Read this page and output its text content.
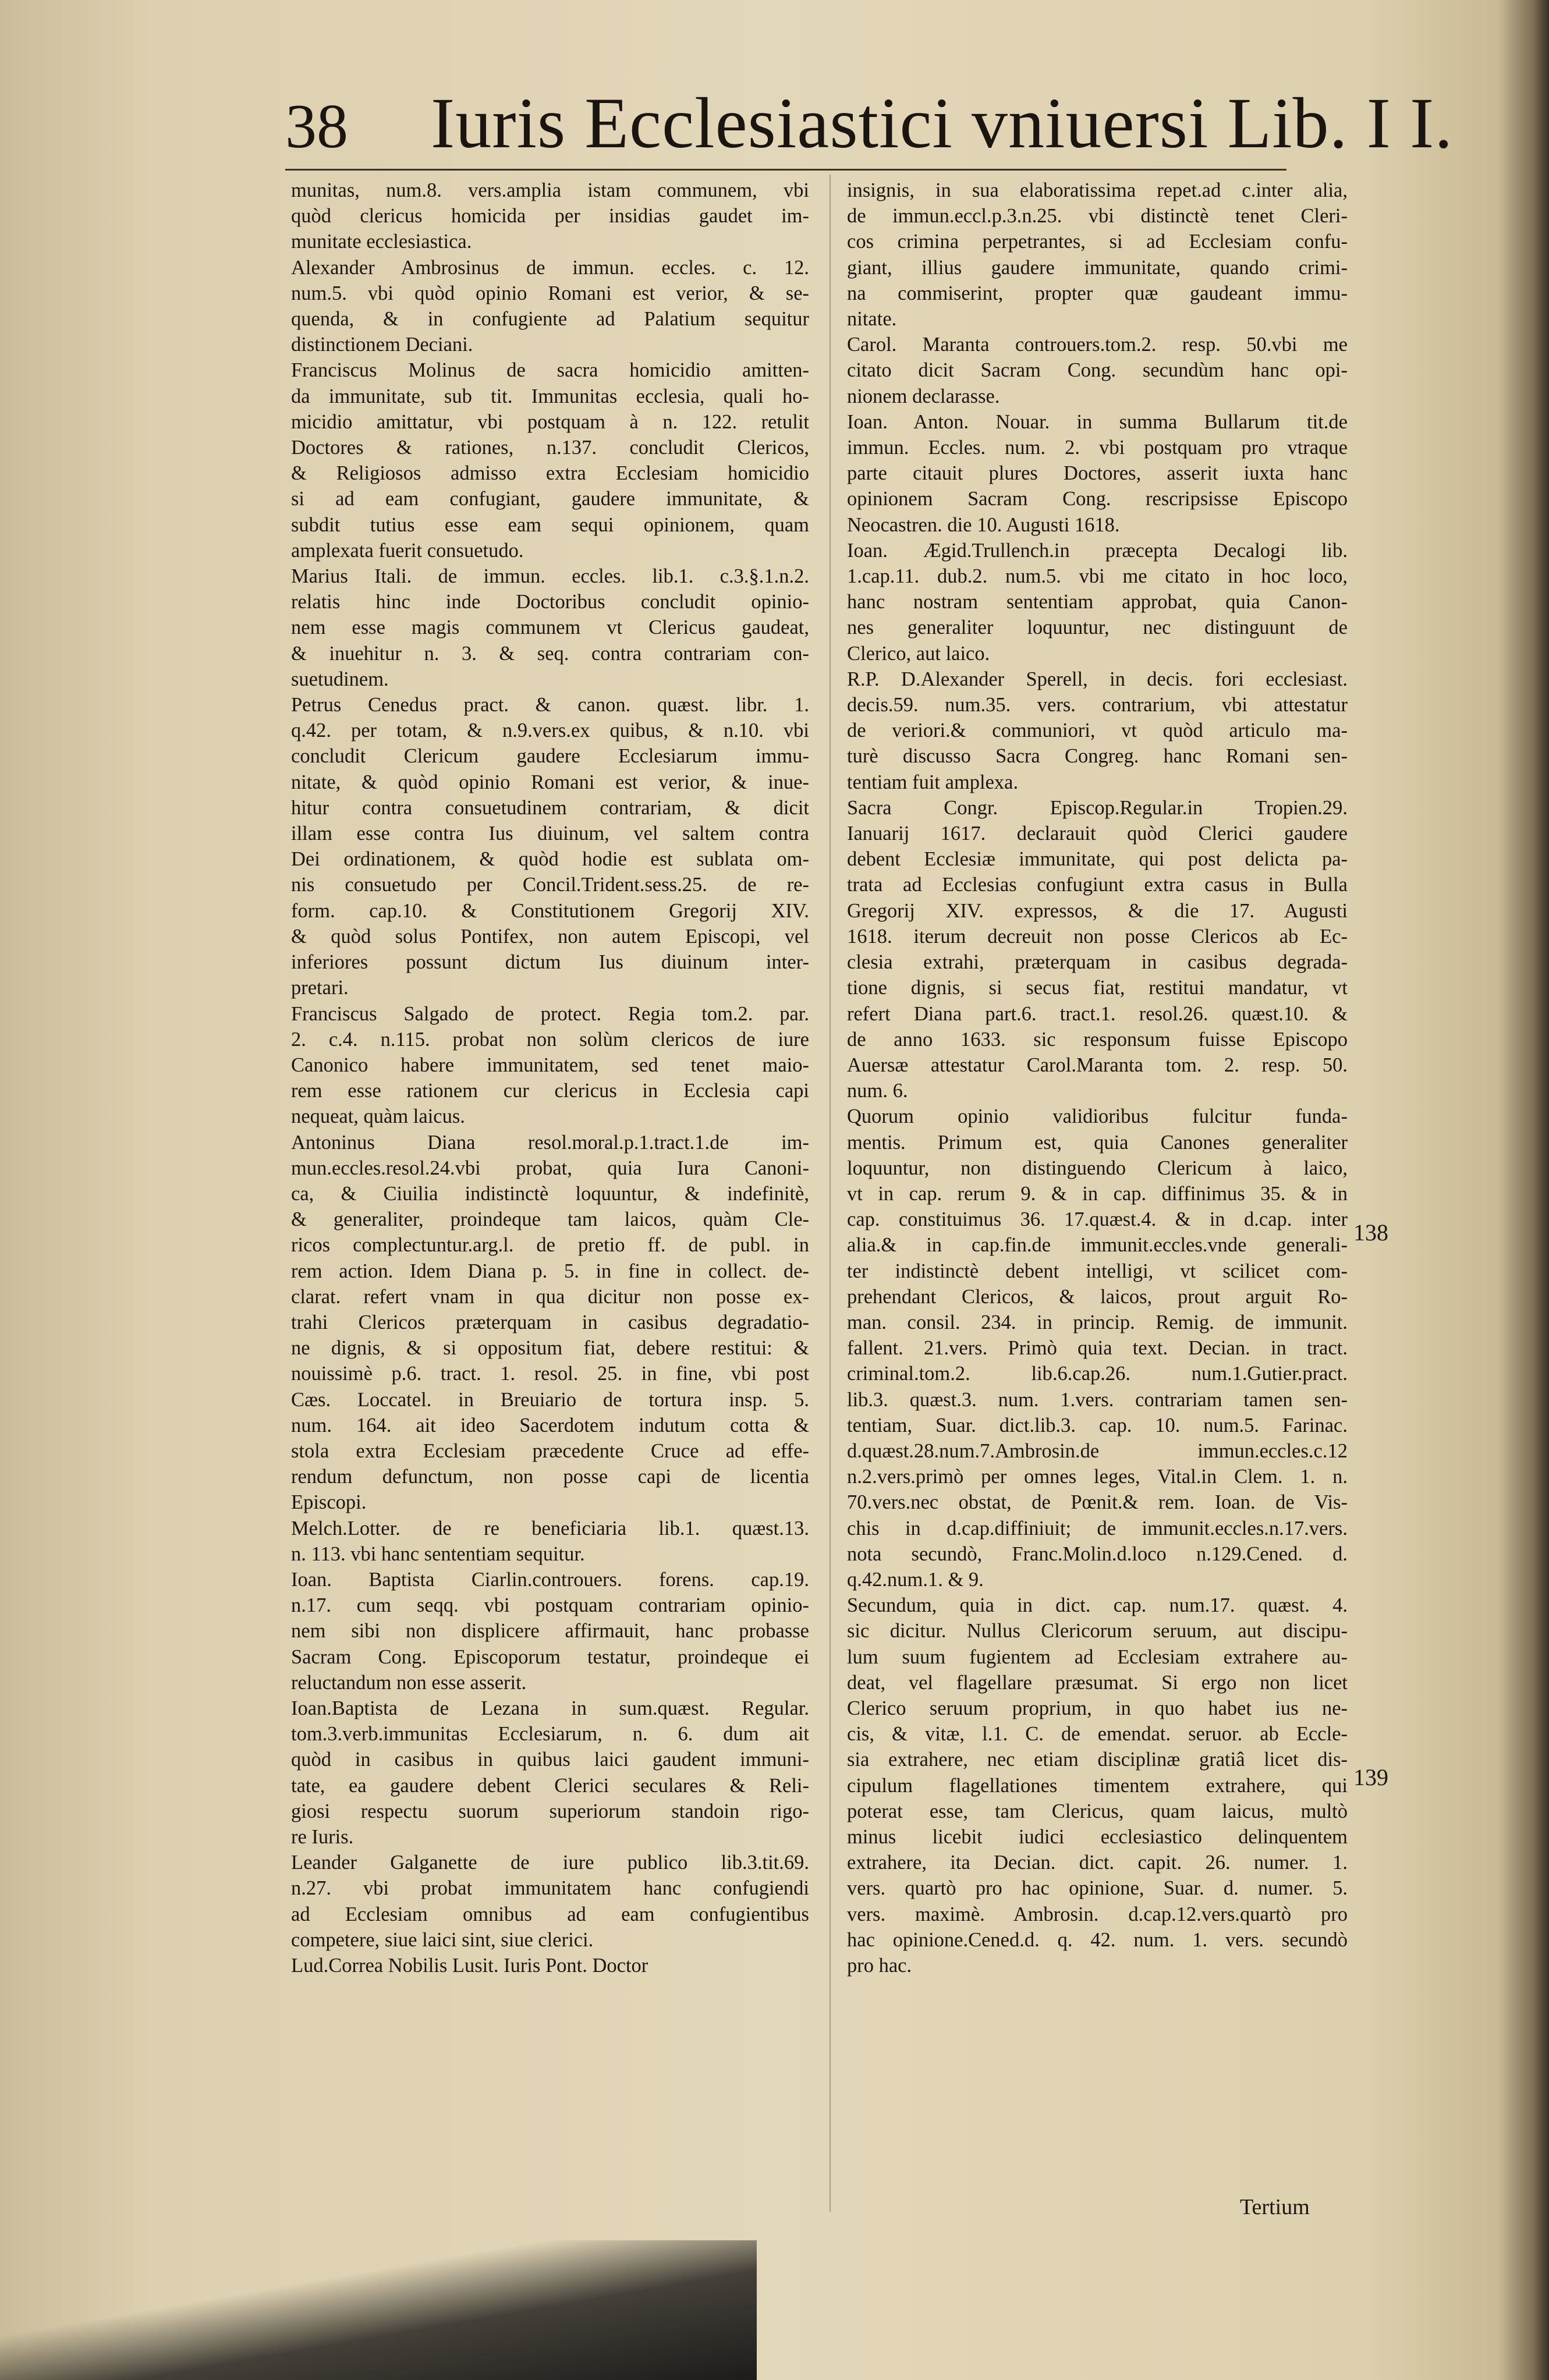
38 Iuris Ecclesiastici vniuersi Lib. I I.
munitas, num.8. vers.amplia istam communem, vbi
quòd clericus homicida per insidias gaudet im-
munitate ecclesiastica.
Alexander Ambrosinus de immun. eccles. c. 12.
num.5. vbi quòd opinio Romani est verior, & se-
quenda, & in confugiente ad Palatium sequitur
distinctionem Deciani.
Franciscus Molinus de sacra homicidio amitten-
da immunitate, sub tit. Immunitas ecclesia, quali ho-
micidio amittatur, vbi postquam à n. 122. retulit
Doctores & rationes, n.137. concludit Clericos,
& Religiosos admisso extra Ecclesiam homicidio
si ad eam confugiant, gaudere immunitate, &
subdit tutius esse eam sequi opinionem, quam
amplexata fuerit consuetudo.
Marius Itali. de immun. eccles. lib.1. c.3.§.1.n.2.
relatis hinc inde Doctoribus concludit opinio-
nem esse magis communem vt Clericus gaudeat,
& inuehitur n. 3. & seq. contra contrariam con-
suetudinem.
Petrus Cenedus pract. & canon. quæst. libr. 1.
q.42. per totam, & n.9.vers.ex quibus, & n.10. vbi
concludit Clericum gaudere Ecclesiarum immu-
nitate, & quòd opinio Romani est verior, & inue-
hitur contra consuetudinem contrariam, & dicit
illam esse contra Ius diuinum, vel saltem contra
Dei ordinationem, & quòd hodie est sublata om-
nis consuetudo per Concil.Trident.sess.25. de re-
form. cap.10. & Constitutionem Gregorij XIV.
& quòd solus Pontifex, non autem Episcopi, vel
inferiores possunt dictum Ius diuinum inter-
pretari.
Franciscus Salgado de protect. Regia tom.2. par.
2. c.4. n.115. probat non solùm clericos de iure
Canonico habere immunitatem, sed tenet maio-
rem esse rationem cur clericus in Ecclesia capi
nequeat, quàm laicus.
Antoninus Diana resol.moral.p.1.tract.1.de im-
mun.eccles.resol.24.vbi probat, quia Iura Canoni-
ca, & Ciuilia indistinctè loquuntur, & indefinitè,
& generaliter, proindeque tam laicos, quàm Cle-
ricos complectuntur.arg.l. de pretio ff. de publ. in
rem action. Idem Diana p. 5. in fine in collect. de-
clarat. refert vnam in qua dicitur non posse ex-
trahi Clericos præterquam in casibus degradatio-
ne dignis, & si oppositum fiat, debere restitui: &
nouissimè p.6. tract. 1. resol. 25. in fine, vbi post
Cæs. Loccatel. in Breuiario de tortura insp. 5.
num. 164. ait ideo Sacerdotem indutum cotta &
stola extra Ecclesiam præcedente Cruce ad effe-
rendum defunctum, non posse capi de licentia
Episcopi.
Melch.Lotter. de re beneficiaria lib.1. quæst.13.
n. 113. vbi hanc sententiam sequitur.
Ioan. Baptista Ciarlin.controuers. forens. cap.19.
n.17. cum seqq. vbi postquam contrariam opinio-
nem sibi non displicere affirmauit, hanc probasse
Sacram Cong. Episcoporum testatur, proindeque ei
reluctandum non esse asserit.
Ioan.Baptista de Lezana in sum.quæst. Regular.
tom.3.verb.immunitas Ecclesiarum, n. 6. dum ait
quòd in casibus in quibus laici gaudent immuni-
tate, ea gaudere debent Clerici seculares & Reli-
giosi respectu suorum superiorum standoin rigo-
re Iuris.
Leander Galganette de iure publico lib.3.tit.69.
n.27. vbi probat immunitatem hanc confugiendi
ad Ecclesiam omnibus ad eam confugientibus
competere, siue laici sint, siue clerici.
Lud.Correa Nobilis Lusit. Iuris Pont. Doctor
insignis, in sua elaboratissima repet.ad c.inter alia,
de immun.eccl.p.3.n.25. vbi distinctè tenet Cleri-
cos crimina perpetrantes, si ad Ecclesiam confu-
giant, illius gaudere immunitate, quando crimi-
na commiserint, propter quæ gaudeant immu-
nitate.
Carol. Maranta controuers.tom.2. resp. 50.vbi me
citato dicit Sacram Cong. secundùm hanc opi-
nionem declarasse.
Ioan. Anton. Nouar. in summa Bullarum tit.de
immun. Eccles. num. 2. vbi postquam pro vtraque
parte citauit plures Doctores, asserit iuxta hanc
opinionem Sacram Cong. rescripsisse Episcopo
Neocastren. die 10. Augusti 1618.
Ioan. Ægid.Trullench.in præcepta Decalogi lib.
1.cap.11. dub.2. num.5. vbi me citato in hoc loco,
hanc nostram sententiam approbat, quia Canon-
nes generaliter loquuntur, nec distinguunt de
Clerico, aut laico.
R.P. D.Alexander Sperell, in decis. fori ecclesiast.
decis.59. num.35. vers. contrarium, vbi attestatur
de veriori.& communiori, vt quòd articulo ma-
turè discusso Sacra Congreg. hanc Romani sen-
tentiam fuit amplexa.
Sacra Congr. Episcop.Regular.in Tropien.29.
Ianuarij 1617. declarauit quòd Clerici gaudere
debent Ecclesiæ immunitate, qui post delicta pa-
trata ad Ecclesias confugiunt extra casus in Bulla
Gregorij XIV. expressos, & die 17. Augusti
1618. iterum decreuit non posse Clericos ab Ec-
clesia extrahi, præterquam in casibus degrada-
tione dignis, si secus fiat, restitui mandatur, vt
refert Diana part.6. tract.1. resol.26. quæst.10. &
de anno 1633. sic responsum fuisse Episcopo
Auersæ attestatur Carol.Maranta tom. 2. resp. 50.
num. 6.
Quorum opinio validioribus fulcitur funda-
mentis. Primum est, quia Canones generaliter
loquuntur, non distinguendo Clericum à laico,
vt in cap. rerum 9. & in cap. diffinimus 35. & in
cap. constituimus 36. 17.quæst.4. & in d.cap. inter
alia.& in cap.fin.de immunit.eccles.vnde generali-
ter indistinctè debent intelligi, vt scilicet com-
prehendant Clericos, & laicos, prout arguit Ro-
man. consil. 234. in princip. Remig. de immunit.
fallent. 21.vers. Primò quia text. Decian. in tract.
criminal.tom.2. lib.6.cap.26. num.1.Gutier.pract.
lib.3. quæst.3. num. 1.vers. contrariam tamen sen-
tentiam, Suar. dict.lib.3. cap. 10. num.5. Farinac.
d.quæst.28.num.7.Ambrosin.de immun.eccles.c.12
n.2.vers.primò per omnes leges, Vital.in Clem. 1. n.
70.vers.nec obstat, de Pœnit.& rem. Ioan. de Vis-
chis in d.cap.diffiniuit; de immunit.eccles.n.17.vers.
nota secundò, Franc.Molin.d.loco n.129.Cened. d.
q.42.num.1. & 9.
Secundum, quia in dict. cap. num.17. quæst. 4.
sic dicitur. Nullus Clericorum seruum, aut discipu-
lum suum fugientem ad Ecclesiam extrahere au-
deat, vel flagellare præsumat. Si ergo non licet
Clerico seruum proprium, in quo habet ius ne-
cis, & vitæ, l.1. C. de emendat. seruor. ab Eccle-
sia extrahere, nec etiam disciplinæ gratiâ licet dis-
cipulum flagellationes timentem extrahere, qui
poterat esse, tam Clericus, quam laicus, multò
minus licebit iudici ecclesiastico delinquentem
extrahere, ita Decian. dict. capit. 26. numer. 1.
vers. quartò pro hac opinione, Suar. d. numer. 5.
vers. maximè. Ambrosin. d.cap.12.vers.quartò pro
hac opinione.Cened.d. q. 42. num. 1. vers. secundò
pro hac.
138
139
Tertium
